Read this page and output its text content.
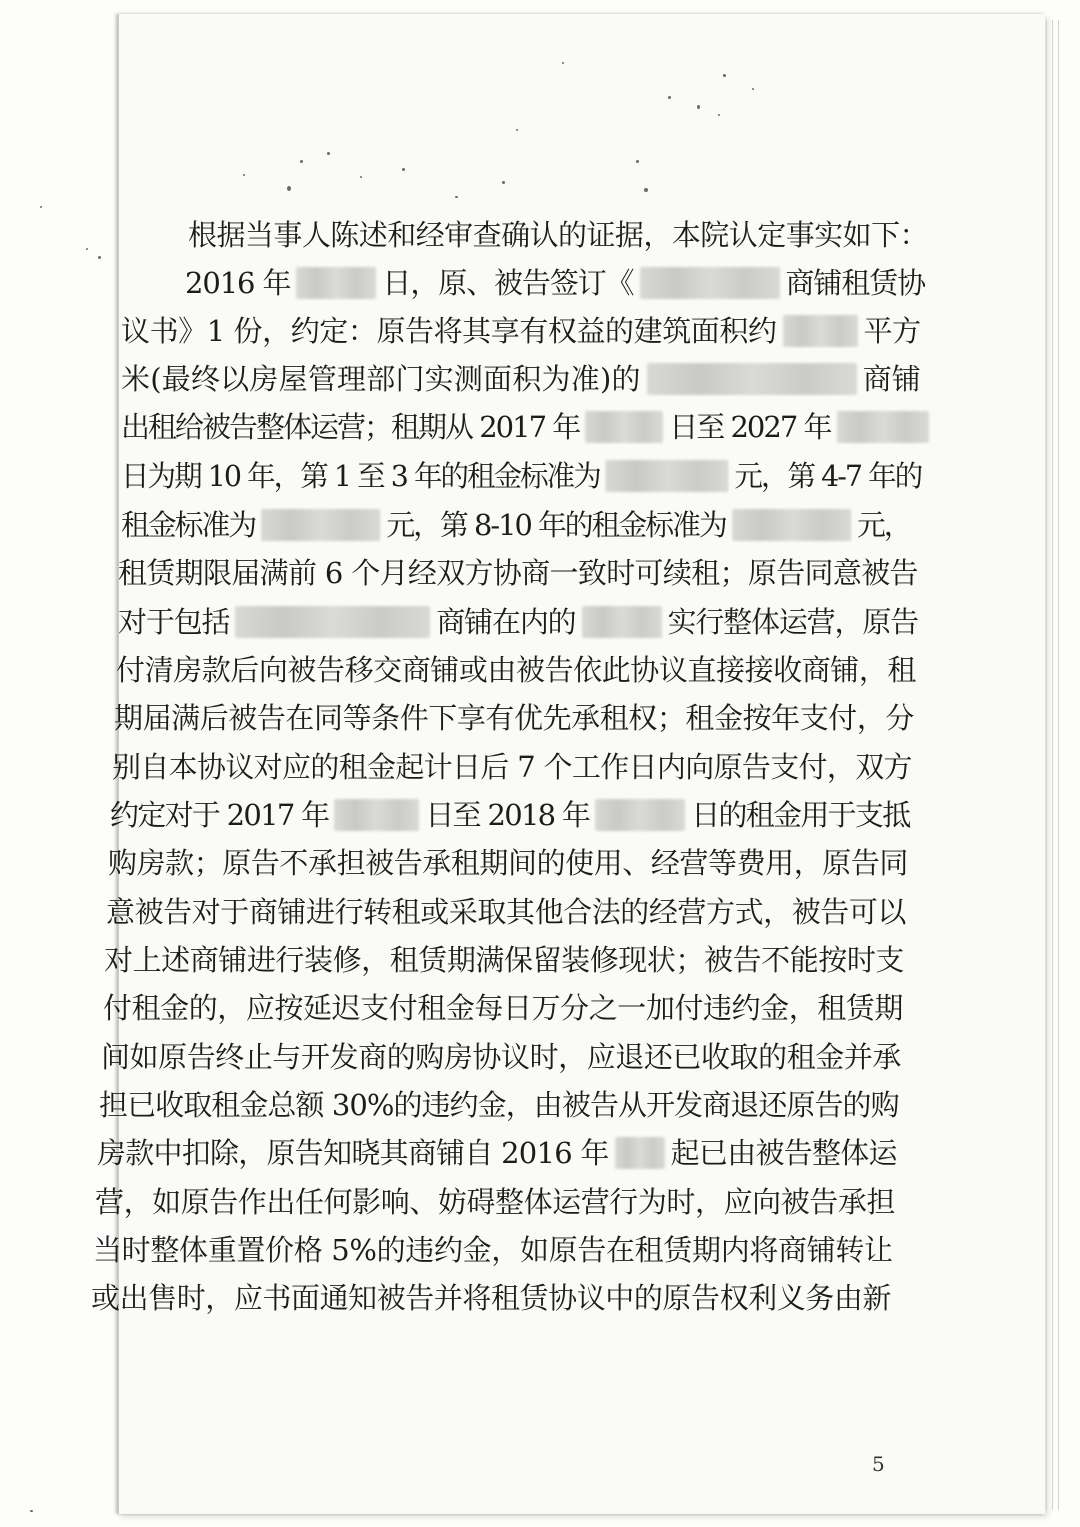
根据当事人陈述和经审查确认的证据，本院认定事实如下：
2016 年	日，原、被告签订《	商铺租赁协
议书》1 份，约定：原告将其享有权益的建筑面积约	平方
米(最终以房屋管理部门实测面积为准)的	商铺
出租给被告整体运营；租期从 2017 年	日至 2027 年
日为期 10 年，第 1 至 3 年的租金标准为	元，第 4-7 年的
租金标准为	元，第 8-10 年的租金标准为	元，
租赁期限届满前 6 个月经双方协商一致时可续租；原告同意被告
对于包括	商铺在内的	实行整体运营，原告
付清房款后向被告移交商铺或由被告依此协议直接接收商铺，租
期届满后被告在同等条件下享有优先承租权；租金按年支付，分
别自本协议对应的租金起计日后 7 个工作日内向原告支付，双方
约定对于 2017 年	日至 2018 年	日的租金用于支抵
购房款；原告不承担被告承租期间的使用、经营等费用，原告同
意被告对于商铺进行转租或采取其他合法的经营方式，被告可以
对上述商铺进行装修，租赁期满保留装修现状；被告不能按时支
付租金的，应按延迟支付租金每日万分之一加付违约金，租赁期
间如原告终止与开发商的购房协议时，应退还已收取的租金并承
担已收取租金总额 30%的违约金，由被告从开发商退还原告的购
房款中扣除，原告知晓其商铺自 2016 年 起已由被告整体运
营，如原告作出任何影响、妨碍整体运营行为时，应向被告承担
当时整体重置价格 5%的违约金，如原告在租赁期内将商铺转让
或出售时，应书面通知被告并将租赁协议中的原告权利义务由新
5
